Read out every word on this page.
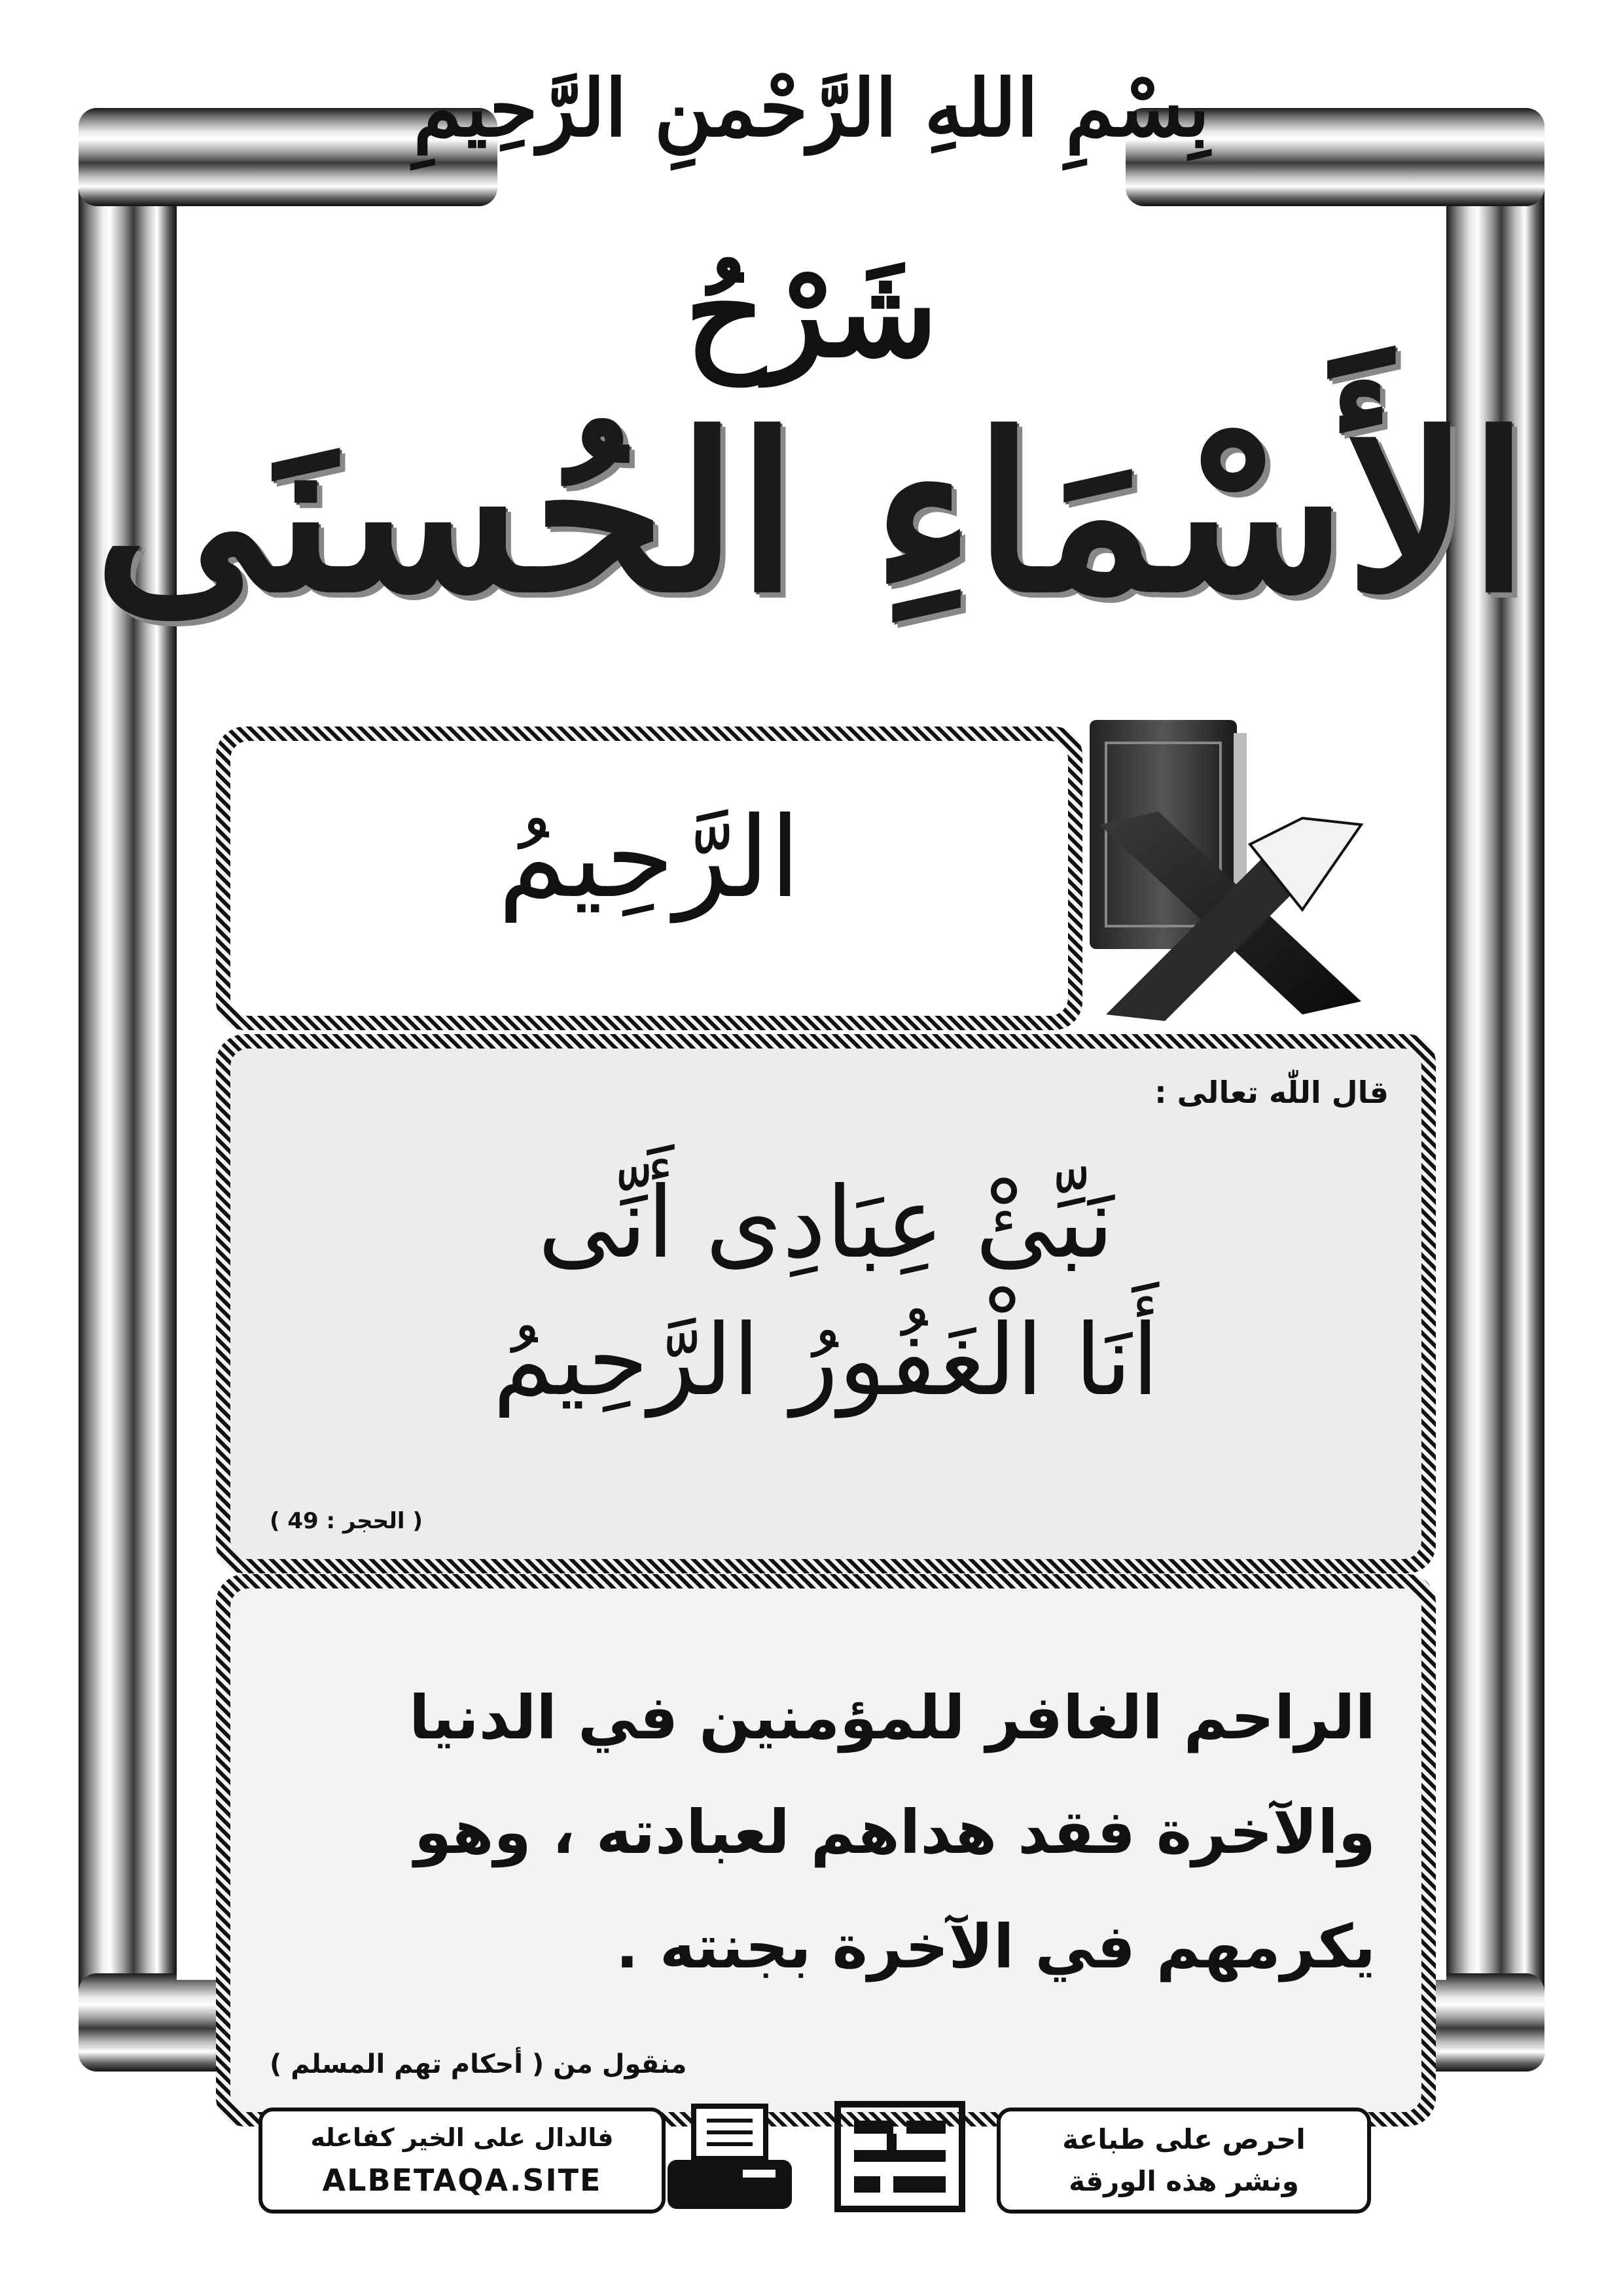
بِسْمِ اللهِ الرَّحْمنِ الرَّحِيمِ
شَرْحُ
الأَسْمَاءِ الحُسنَى
الرَّحِيمُ
قال اللّٰه تعالى :
نَبِّئْ عِبَادِى أَنِّى
أَنَا الْغَفُورُ الرَّحِيمُ
( الحجر : 49 )
الراحم الغافر للمؤمنين في الدنيا والآخرة فقد هداهم لعبادته ، وهو يكرمهم في الآخرة بجنته .
منقول من ( أحكام تهم المسلم )
فالدال على الخير كفاعله
ALBETAQA.SITE
احرص على طباعة
ونشر هذه الورقة
